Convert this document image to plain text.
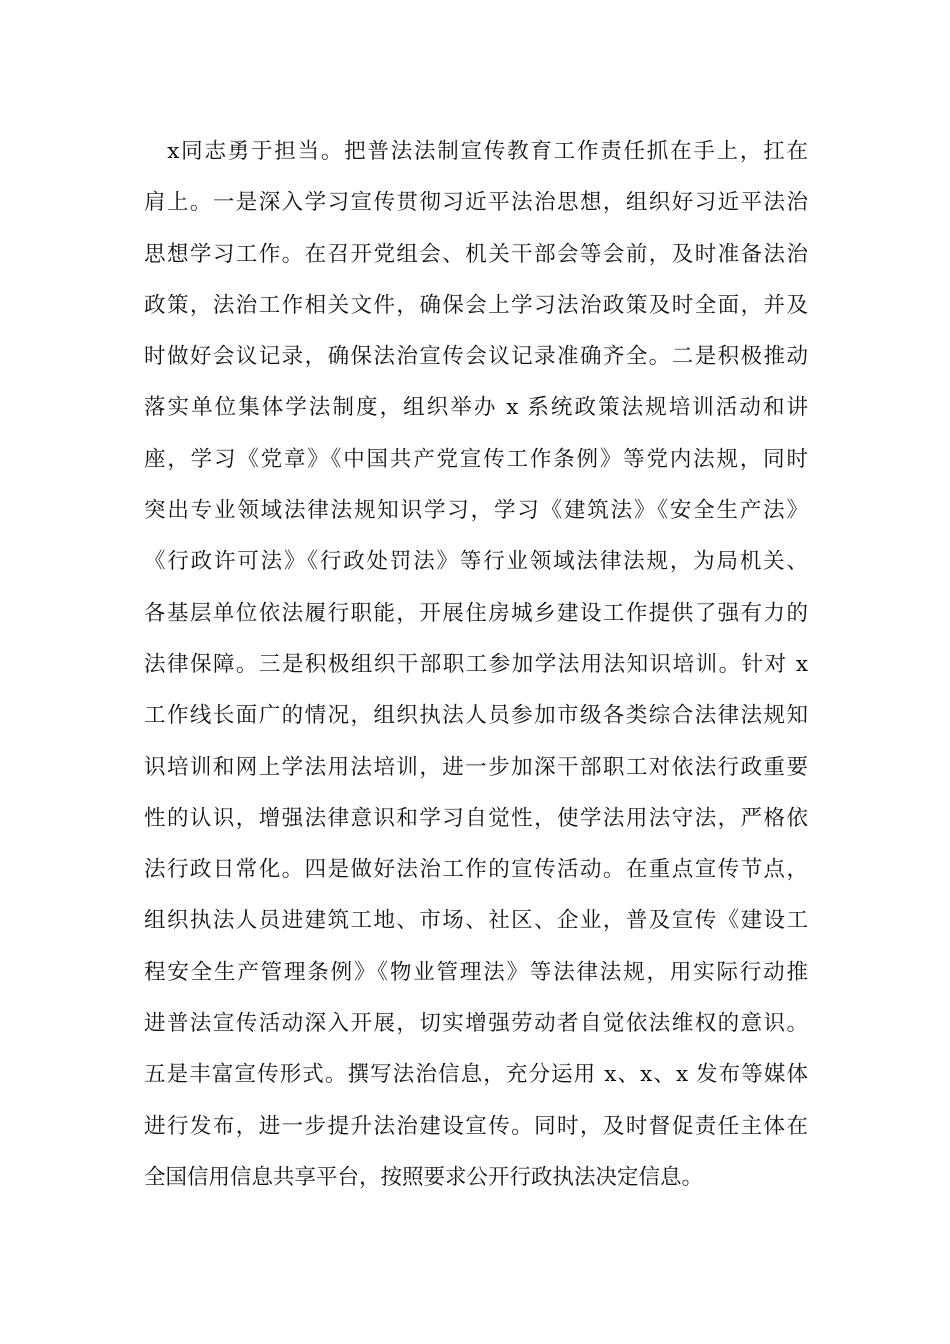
　x同志勇于担当。把普法法制宣传教育工作责任抓在手上，扛在
肩上。一是深入学习宣传贯彻习近平法治思想，组织好习近平法治
思想学习工作。在召开党组会、机关干部会等会前，及时准备法治
政策，法治工作相关文件，确保会上学习法治政策及时全面，并及
时做好会议记录，确保法治宣传会议记录准确齐全。二是积极推动
落实单位集体学法制度，组织举办 x 系统政策法规培训活动和讲
座，学习《党章》《中国共产党宣传工作条例》等党内法规，同时
突出专业领域法律法规知识学习，学习《建筑法》《安全生产法》
《行政许可法》《行政处罚法》等行业领域法律法规，为局机关、
各基层单位依法履行职能，开展住房城乡建设工作提供了强有力的
法律保障。三是积极组织干部职工参加学法用法知识培训。针对 x
工作线长面广的情况，组织执法人员参加市级各类综合法律法规知
识培训和网上学法用法培训，进一步加深干部职工对依法行政重要
性的认识，增强法律意识和学习自觉性，使学法用法守法，严格依
法行政日常化。四是做好法治工作的宣传活动。在重点宣传节点，
组织执法人员进建筑工地、市场、社区、企业，普及宣传《建设工
程安全生产管理条例》《物业管理法》等法律法规，用实际行动推
进普法宣传活动深入开展，切实增强劳动者自觉依法维权的意识。
五是丰富宣传形式。撰写法治信息，充分运用 x、x、x 发布等媒体
进行发布，进一步提升法治建设宣传。同时，及时督促责任主体在
全国信用信息共享平台，按照要求公开行政执法决定信息。
